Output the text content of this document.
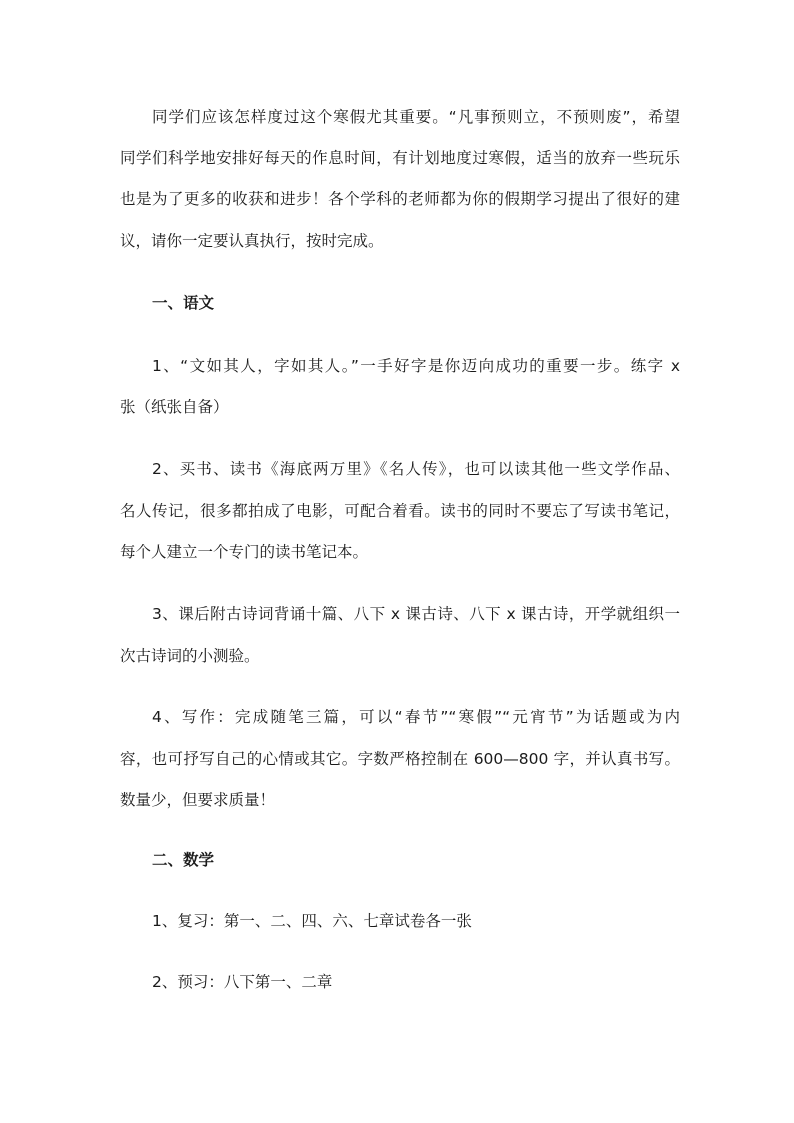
同学们应该怎样度过这个寒假尤其重要。“凡事预则立，不预则废”，希望
同学们科学地安排好每天的作息时间，有计划地度过寒假，适当的放弃一些玩乐
也是为了更多的收获和进步！各个学科的老师都为你的假期学习提出了很好的建
议，请你一定要认真执行，按时完成。
一、语文
1、“文如其人，字如其人。”一手好字是你迈向成功的重要一步。练字 x
张（纸张自备）
2、买书、读书《海底两万里》《名人传》，也可以读其他一些文学作品、
名人传记，很多都拍成了电影，可配合着看。读书的同时不要忘了写读书笔记，
每个人建立一个专门的读书笔记本。
3、课后附古诗词背诵十篇、八下 x 课古诗、八下 x 课古诗，开学就组织一
次古诗词的小测验。
4、写作：完成随笔三篇，可以“春节”“寒假”“元宵节”为话题或为内
容，也可抒写自己的心情或其它。字数严格控制在 600—800 字，并认真书写。
数量少，但要求质量！
二、数学
1、复习：第一、二、四、六、七章试卷各一张
2、预习：八下第一、二章
